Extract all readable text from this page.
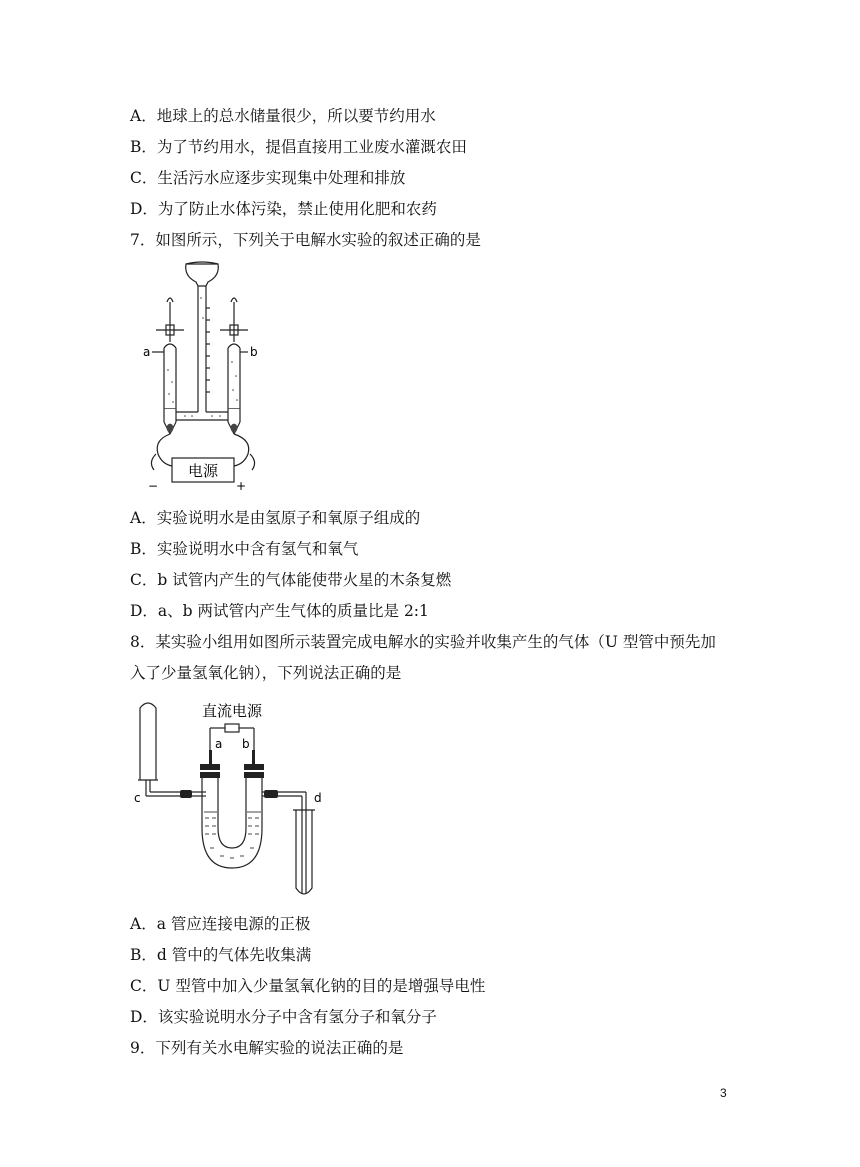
A．地球上的总水储量很少，所以要节约用水
B．为了节约用水，提倡直接用工业废水灌溉农田
C．生活污水应逐步实现集中处理和排放
D．为了防止水体污染，禁止使用化肥和农药
7．如图所示，下列关于电解水实验的叙述正确的是
a	b
电源
−	+
A．实验说明水是由氢原子和氧原子组成的
B．实验说明水中含有氢气和氧气
C．b 试管内产生的气体能使带火星的木条复燃
D．a、b 两试管内产生气体的质量比是 2:1
8．某实验小组用如图所示装置完成电解水的实验并收集产生的气体（U 型管中预先加入了少量氢氧化钠），下列说法正确的是
直流电源
a b
c	d
A．a 管应连接电源的正极
B．d 管中的气体先收集满
C．U 型管中加入少量氢氧化钠的目的是增强导电性
D．该实验说明水分子中含有氢分子和氧分子
9．下列有关水电解实验的说法正确的是
3
